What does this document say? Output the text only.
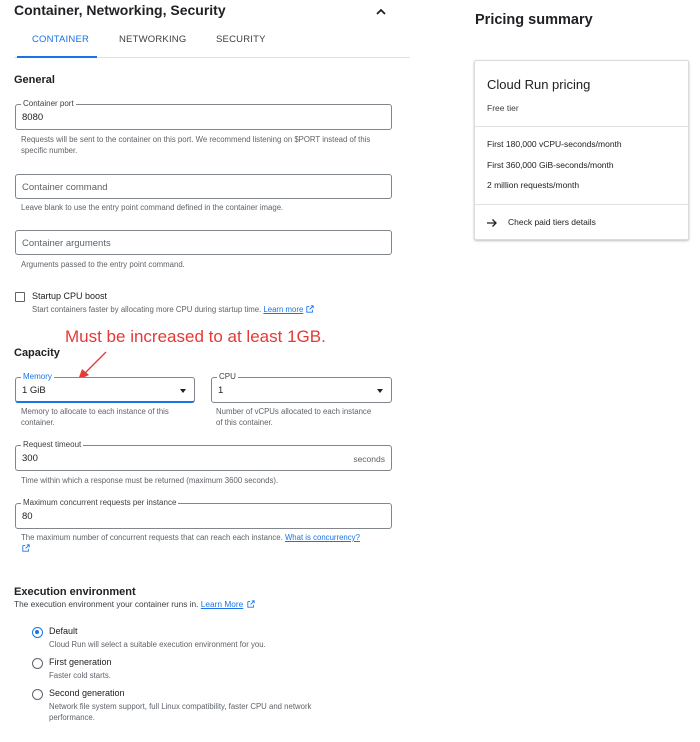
Container, Networking, Security
CONTAINER	NETWORKING	SECURITY
General
Container port
8080
Requests will be sent to the container on this port. We recommend listening on $PORT instead of this specific number.
Container command
Leave blank to use the entry point command defined in the container image.
Container arguments
Arguments passed to the entry point command.
Startup CPU boost
Start containers faster by allocating more CPU during startup time. Learn more
Must be increased to at least 1GB.
Capacity
Memory
1 GiB
Memory to allocate to each instance of this container.
CPU
1
Number of vCPUs allocated to each instance of this container.
Request timeout
300	seconds
Time within which a response must be returned (maximum 3600 seconds).
Maximum concurrent requests per instance
80
The maximum number of concurrent requests that can reach each instance. What is concurrency?
Execution environment
The execution environment your container runs in. Learn More
Default
Cloud Run will select a suitable execution environment for you.
First generation
Faster cold starts.
Second generation
Network file system support, full Linux compatibility, faster CPU and network performance.
Pricing summary
Cloud Run pricing
Free tier
First 180,000 vCPU-seconds/month
First 360,000 GiB-seconds/month
2 million requests/month
Check paid tiers details
